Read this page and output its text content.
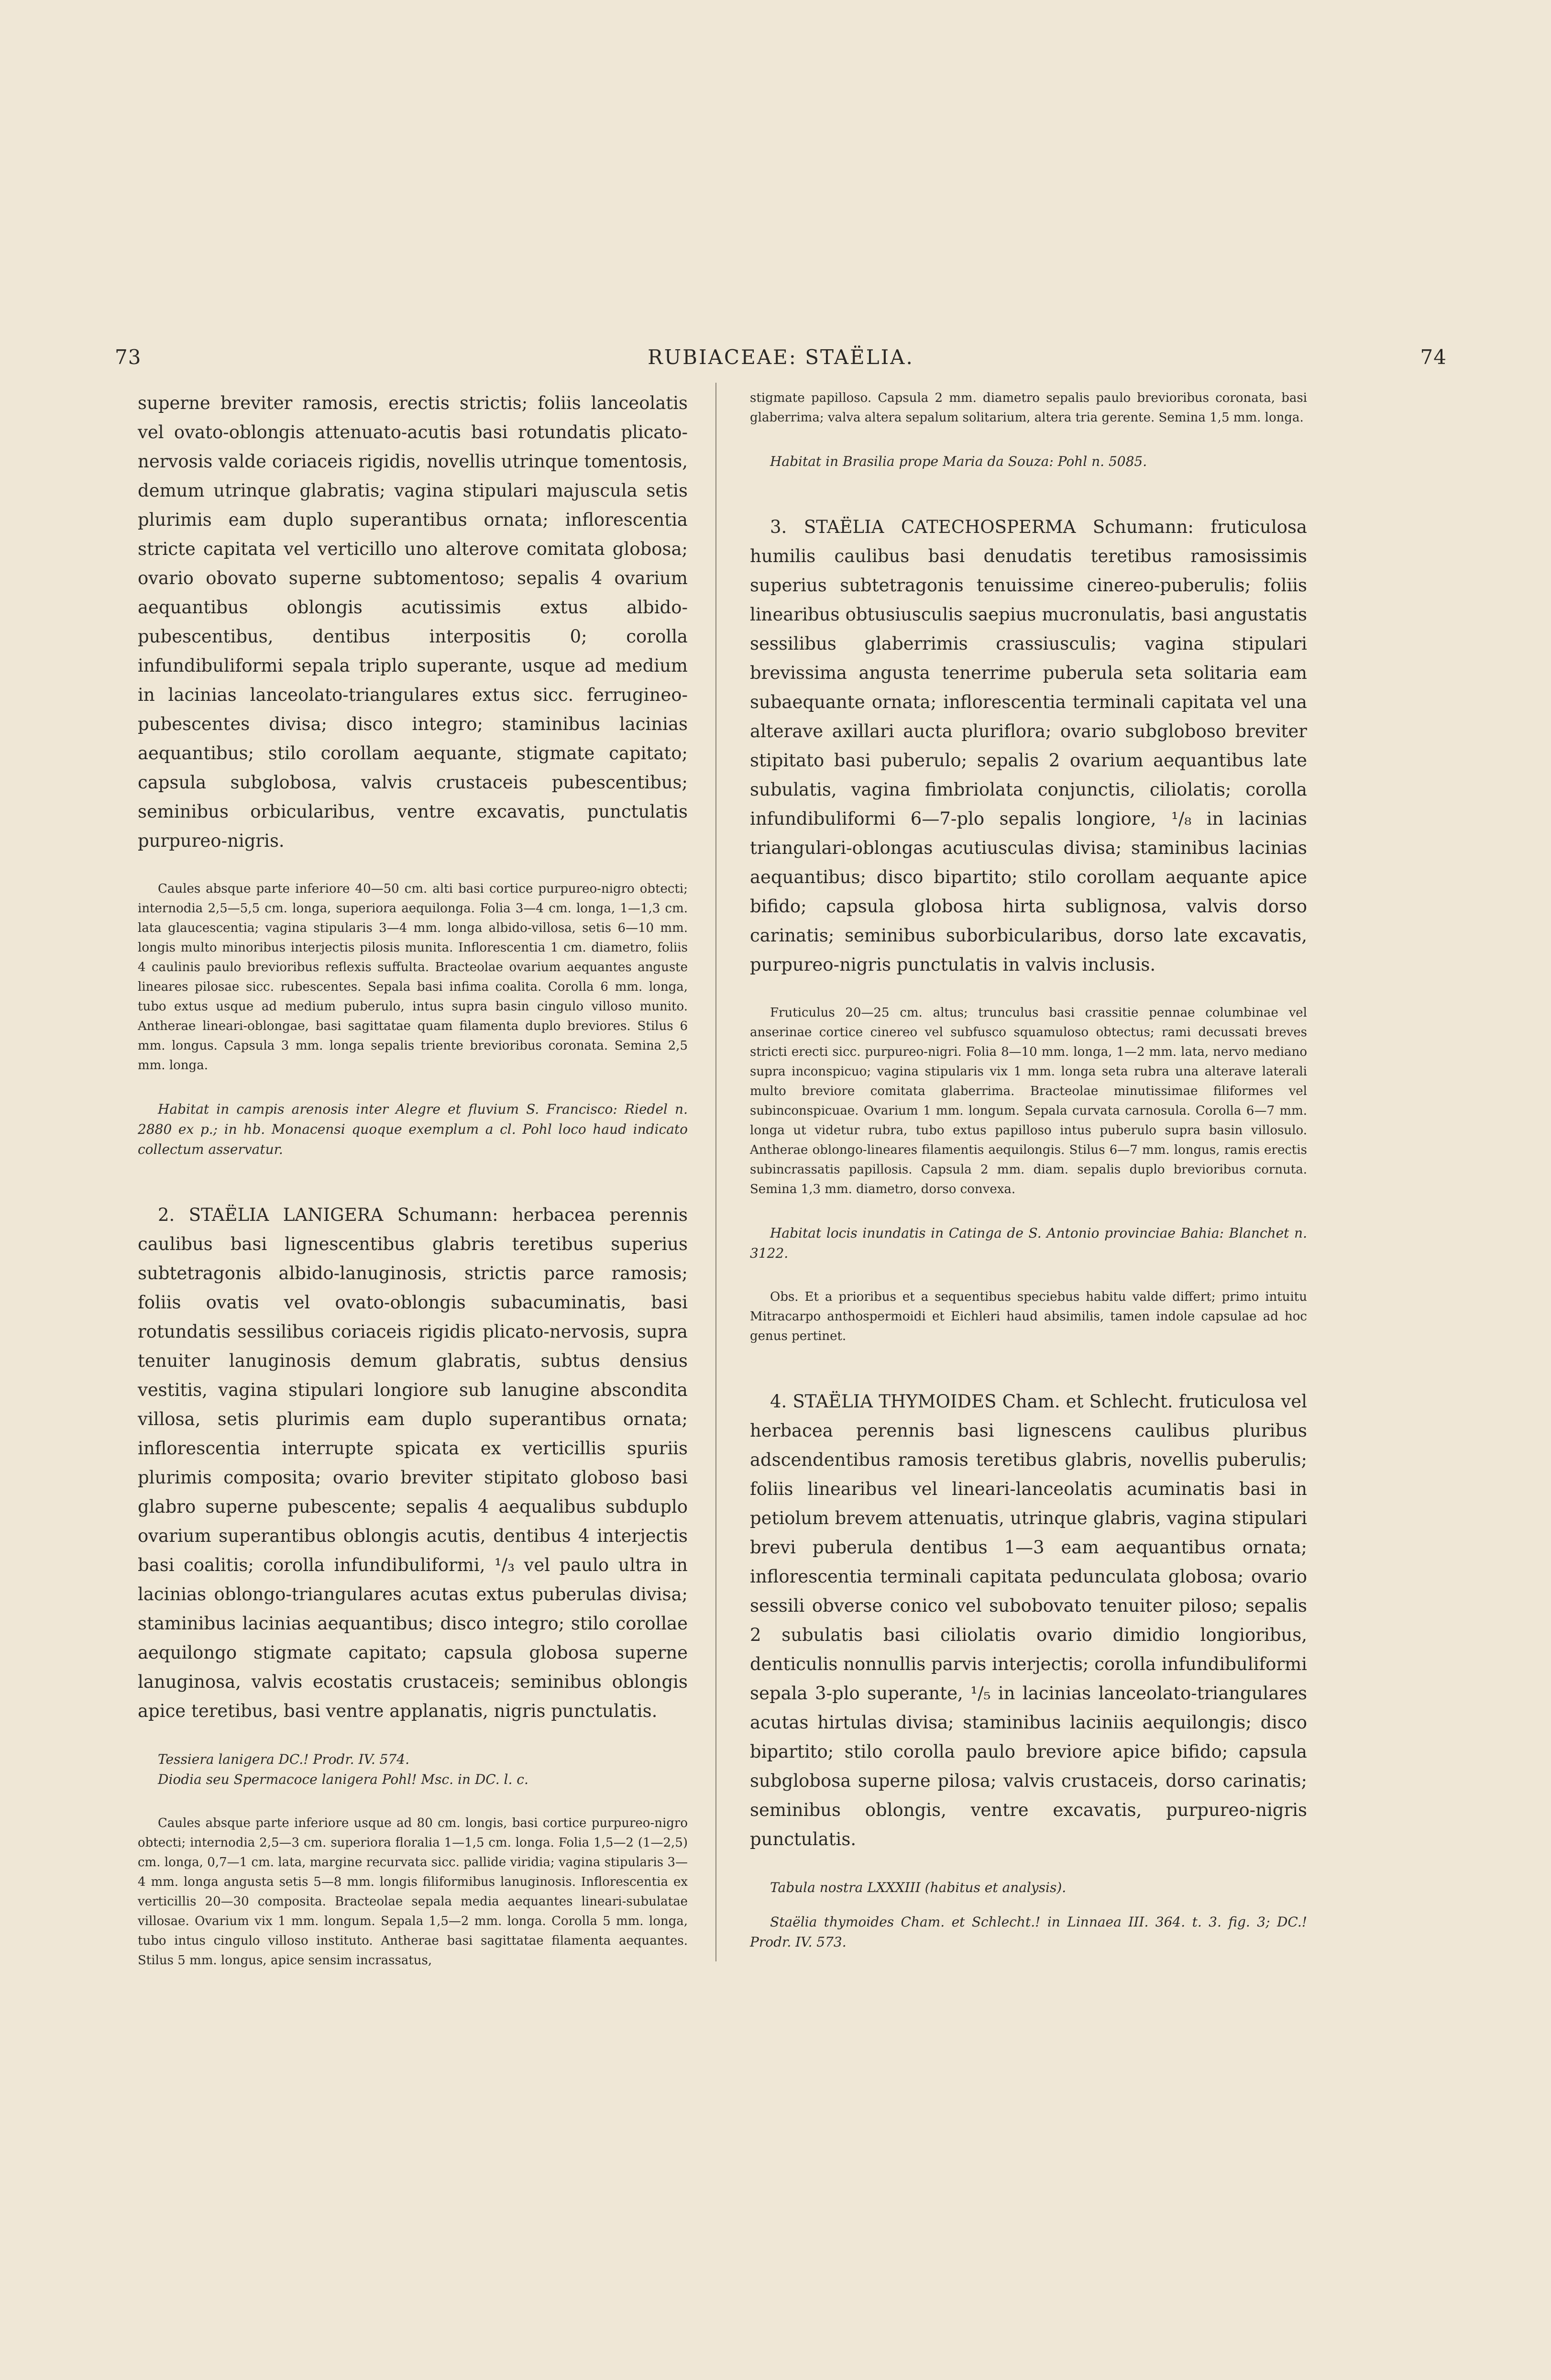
73	RUBIACEAE: STAËLIA.	74

superne breviter ramosis, erectis strictis; foliis lanceolatis vel ovato-oblongis attenuato-acutis basi rotundatis plicato-nervosis valde coriaceis rigidis, novellis utrinque tomentosis, demum utrinque glabratis; vagina stipulari majuscula setis plurimis eam duplo superantibus ornata; inflorescentia stricte capitata vel verticillo uno alterove comitata globosa; ovario obovato superne subtomentoso; sepalis 4 ovarium aequantibus oblongis acutissimis extus albido-pubescentibus, dentibus interpositis 0; corolla infundibuliformi sepala triplo superante, usque ad medium in lacinias lanceolato-triangulares extus sicc. ferrugineo-pubescentes divisa; disco integro; staminibus lacinias aequantibus; stilo corollam aequante, stigmate capitato; capsula subglobosa, valvis crustaceis pubescentibus; seminibus orbicularibus, ventre excavatis, punctulatis purpureo-nigris.

Caules absque parte inferiore 40—50 cm. alti basi cortice purpureo-nigro obtecti; internodia 2,5—5,5 cm. longa, superiora aequilonga. Folia 3—4 cm. longa, 1—1,3 cm. lata glaucescentia; vagina stipularis 3—4 mm. longa albido-villosa, setis 6—10 mm. longis multo minoribus interjectis pilosis munita. Inflorescentia 1 cm. diametro, foliis 4 caulinis paulo brevioribus reflexis suffulta. Bracteolae ovarium aequantes anguste lineares pilosae sicc. rubescentes. Sepala basi infima coalita. Corolla 6 mm. longa, tubo extus usque ad medium puberulo, intus supra basin cingulo villoso munito. Antherae lineari-oblongae, basi sagittatae quam filamenta duplo breviores. Stilus 6 mm. longus. Capsula 3 mm. longa sepalis triente brevioribus coronata. Semina 2,5 mm. longa.

Habitat in campis arenosis inter Alegre et fluvium S. Francisco: Riedel n. 2880 ex p.; in hb. Monacensi quoque exemplum a cl. Pohl loco haud indicato collectum asservatur.

2. STAËLIA LANIGERA Schumann: herbacea perennis caulibus basi lignescentibus glabris teretibus superius subtetragonis albido-lanuginosis, strictis parce ramosis; foliis ovatis vel ovato-oblongis subacuminatis, basi rotundatis sessilibus coriaceis rigidis plicato-nervosis, supra tenuiter lanuginosis demum glabratis, subtus densius vestitis, vagina stipulari longiore sub lanugine absconditа villosa, setis plurimis eam duplo superantibus ornata; inflorescentia interrupte spicata ex verticillis spuriis plurimis composita; ovario breviter stipitato globoso basi glabro superne pubescente; sepalis 4 aequalibus subduplo ovarium superantibus oblongis acutis, dentibus 4 interjectis basi coalitis; corolla infundibuliformi, ¹/₃ vel paulo ultra in lacinias oblongo-triangulares acutas extus puberulas divisa; staminibus lacinias aequantibus; disco integro; stilo corollae aequilongo stigmate capitato; capsula globosa superne lanuginosa, valvis ecostatis crustaceis; seminibus oblongis apice teretibus, basi ventre applanatis, nigris punctulatis.

Tessiera lanigera DC.! Prodr. IV. 574.

Diodia seu Spermacoce lanigera Pohl! Msc. in DC. l. c.

Caules absque parte inferiore usque ad 80 cm. longis, basi cortice purpureo-nigro obtecti; internodia 2,5—3 cm. superiora floralia 1—1,5 cm. longa. Folia 1,5—2 (1—2,5) cm. longa, 0,7—1 cm. lata, margine recurvata sicc. pallide viridia; vagina stipularis 3—4 mm. longa angusta setis 5—8 mm. longis filiformibus lanuginosis. Inflorescentia ex verticillis 20—30 composita. Bracteolae sepala media aequantes lineari-subulatae villosae. Ovarium vix 1 mm. longum. Sepala 1,5—2 mm. longa. Corolla 5 mm. longa, tubo intus cingulo villoso instituto. Antherae basi sagittatae filamenta aequantes. Stilus 5 mm. longus, apice sensim incrassatus,

stigmate papilloso. Capsula 2 mm. diametro sepalis paulo brevioribus coronata, basi glaberrima; valva altera sepalum solitarium, altera tria gerente. Semina 1,5 mm. longa.

Habitat in Brasilia prope Maria da Souza: Pohl n. 5085.

3. STAËLIA CATECHOSPERMA Schumann: fruticulosa humilis caulibus basi denudatis teretibus ramosissimis superius subtetragonis tenuissime cinereo-puberulis; foliis linearibus obtusiusculis saepius mucronulatis, basi angustatis sessilibus glaberrimis crassiusculis; vagina stipulari brevissima angusta tenerrime puberula seta solitaria eam subaequante ornata; inflorescentia terminali capitata vel una alterave axillari aucta pluriflora; ovario subgloboso breviter stipitato basi puberulo; sepalis 2 ovarium aequantibus late subulatis, vagina fimbriolata conjunctis, ciliolatis; corolla infundibuliformi 6—7-plo sepalis longiore, ¹/₈ in lacinias triangulari-oblongas acutiusculas divisa; staminibus lacinias aequantibus; disco bipartito; stilo corollam aequante apice bifido; capsula globosa hirta sublignosa, valvis dorso carinatis; seminibus suborbicularibus, dorso late excavatis, purpureo-nigris punctulatis in valvis inclusis.

Fruticulus 20—25 cm. altus; trunculus basi crassitie pennae columbinae vel anserinae cortice cinereo vel subfusco squamuloso obtectus; rami decussati breves stricti erecti sicc. purpureo-nigri. Folia 8—10 mm. longa, 1—2 mm. lata, nervo mediano supra inconspicuo; vagina stipularis vix 1 mm. longa seta rubra una alterave laterali multo breviore comitata glaberrima. Bracteolae minutissimae filiformes vel subinconspicuae. Ovarium 1 mm. longum. Sepala curvata carnosula. Corolla 6—7 mm. longa ut videtur rubra, tubo extus papilloso intus puberulo supra basin villosulo. Antherae oblongo-lineares filamentis aequilongis. Stilus 6—7 mm. longus, ramis erectis subincrassatis papillosis. Capsula 2 mm. diam. sepalis duplo brevioribus cornuta. Semina 1,3 mm. diametro, dorso convexa.

Habitat locis inundatis in Catinga de S. Antonio provinciae Bahia: Blanchet n. 3122.

Obs. Et a prioribus et a sequentibus speciebus habitu valde differt; primo intuitu Mitracarpo anthospermoidi et Eichleri haud absimilis, tamen indole capsulae ad hoc genus pertinet.

4. STAËLIA THYMOIDES Cham. et Schlecht. fruticulosa vel herbacea perennis basi lignescens caulibus pluribus adscendentibus ramosis teretibus glabris, novellis puberulis; foliis linearibus vel lineari-lanceolatis acuminatis basi in petiolum brevem attenuatis, utrinque glabris, vagina stipulari brevi puberula dentibus 1—3 eam aequantibus ornata; inflorescentia terminali capitata pedunculata globosa; ovario sessili obverse conico vel subobovato tenuiter piloso; sepalis 2 subulatis basi ciliolatis ovario dimidio longioribus, denticulis nonnullis parvis interjectis; corolla infundibuliformi sepala 3-plo superante, ¹/₅ in lacinias lanceolato-triangulares acutas hirtulas divisa; staminibus laciniis aequilongis; disco bipartito; stilo corolla paulo breviore apice bifido; capsula subglobosa superne pilosa; valvis crustaceis, dorso carinatis; seminibus oblongis, ventre excavatis, purpureo-nigris punctulatis.

Tabula nostra LXXXIII (habitus et analysis).

Staëlia thymoides Cham. et Schlecht.! in Linnaea III. 364. t. 3. fig. 3; DC.! Prodr. IV. 573.
